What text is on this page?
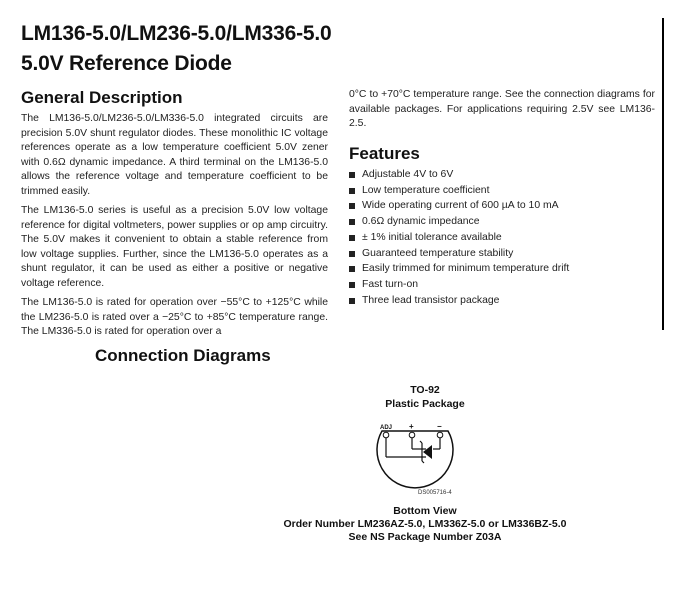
LM136-5.0/LM236-5.0/LM336-5.0
5.0V Reference Diode
General Description

The LM136-5.0/LM236-5.0/LM336-5.0 integrated circuits are precision 5.0V shunt regulator diodes. These monolithic IC voltage references operate as a low temperature coefficient 5.0V zener with 0.6Ω dynamic impedance. A third terminal on the LM136-5.0 allows the reference voltage and temperature coefficient to be trimmed easily.

The LM136-5.0 series is useful as a precision 5.0V low voltage reference for digital voltmeters, power supplies or op amp circuitry. The 5.0V makes it convenient to obtain a stable reference from low voltage supplies. Further, since the LM136-5.0 operates as a shunt regulator, it can be used as either a positive or negative voltage reference.

The LM136-5.0 is rated for operation over −55°C to +125°C while the LM236-5.0 is rated over a −25°C to +85°C temperature range. The LM336-5.0 is rated for operation over a

0°C to +70°C temperature range. See the connection diagrams for available packages. For applications requiring 2.5V see LM136-2.5.
Features
Adjustable 4V to 6V
Low temperature coefficient
Wide operating current of 600 µA to 10 mA
0.6Ω dynamic impedance
± 1% initial tolerance available
Guaranteed temperature stability
Easily trimmed for minimum temperature drift
Fast turn-on
Three lead transistor package
Connection Diagrams
TO-92
Plastic Package
ADJ +	−
DS005716-4
Bottom View
Order Number LM236AZ-5.0, LM336Z-5.0 or LM336BZ-5.0
See NS Package Number Z03A
